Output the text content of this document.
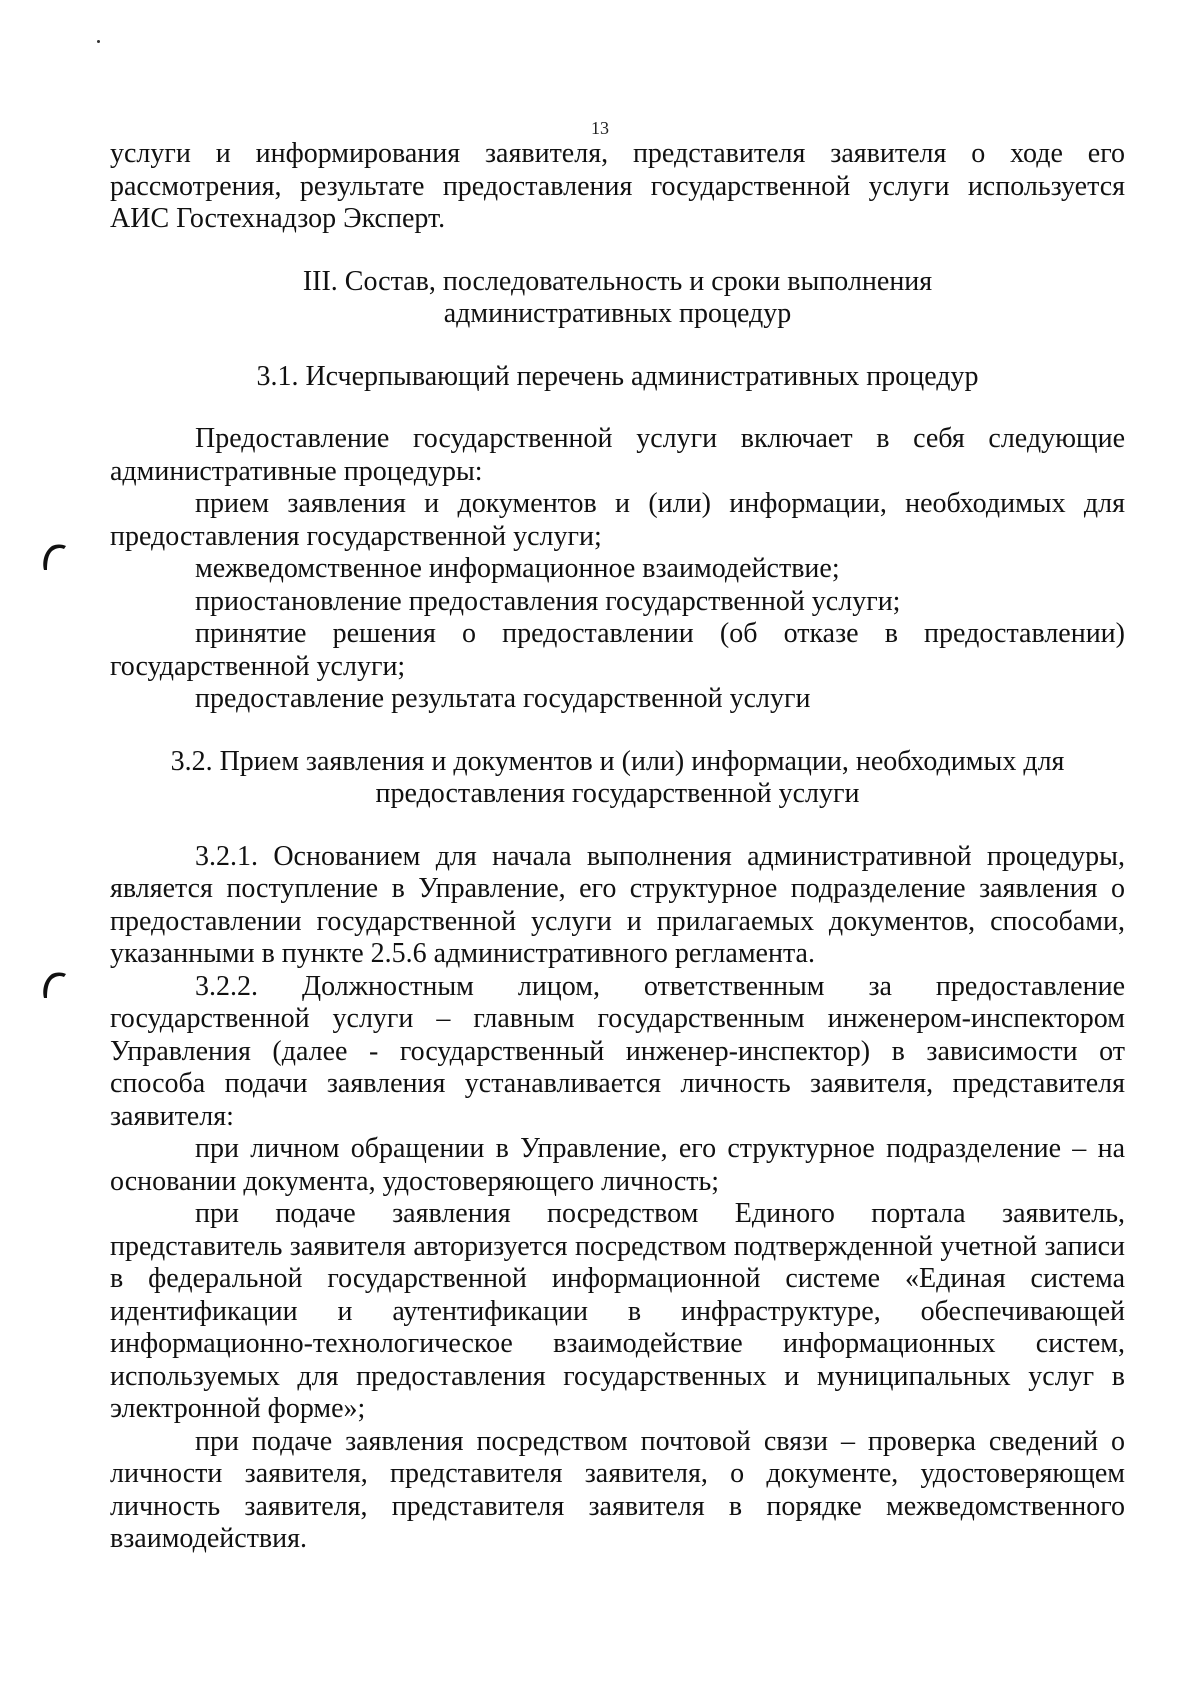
13

услуги и информирования заявителя, представителя заявителя о ходе его рассмотрения, результате предоставления государственной услуги используется АИС Гостехнадзор Эксперт.

III. Состав, последовательность и сроки выполнения
административных процедур
3.1. Исчерпывающий перечень административных процедур

Предоставление государственной услуги включает в себя следующие административные процедуры:

прием заявления и документов и (или) информации, необходимых для предоставления государственной услуги;

межведомственное информационное взаимодействие;

приостановление предоставления государственной услуги;

принятие решения о предоставлении (об отказе в предоставлении) государственной услуги;

предоставление результата государственной услуги

3.2. Прием заявления и документов и (или) информации, необходимых для
предоставления государственной услуги

3.2.1. Основанием для начала выполнения административной процедуры, является поступление в Управление, его структурное подразделение заявления о предоставлении государственной услуги и прилагаемых документов, способами, указанными в пункте 2.5.6 административного регламента.

3.2.2. Должностным лицом, ответственным за предоставление государственной услуги – главным государственным инженером-инспектором Управления (далее - государственный инженер-инспектор) в зависимости от способа подачи заявления устанавливается личность заявителя, представителя заявителя:

при личном обращении в Управление, его структурное подразделение – на основании документа, удостоверяющего личность;

при подаче заявления посредством Единого портала заявитель, представитель заявителя авторизуется посредством подтвержденной учетной записи в федеральной государственной информационной системе «Единая система идентификации и аутентификации в инфраструктуре, обеспечивающей информационно-технологическое взаимодействие информационных систем, используемых для предоставления государственных и муниципальных услуг в электронной форме»;

при подаче заявления посредством почтовой связи – проверка сведений о личности заявителя, представителя заявителя, о документе, удостоверяющем личность заявителя, представителя заявителя в порядке межведомственного взаимодействия.
